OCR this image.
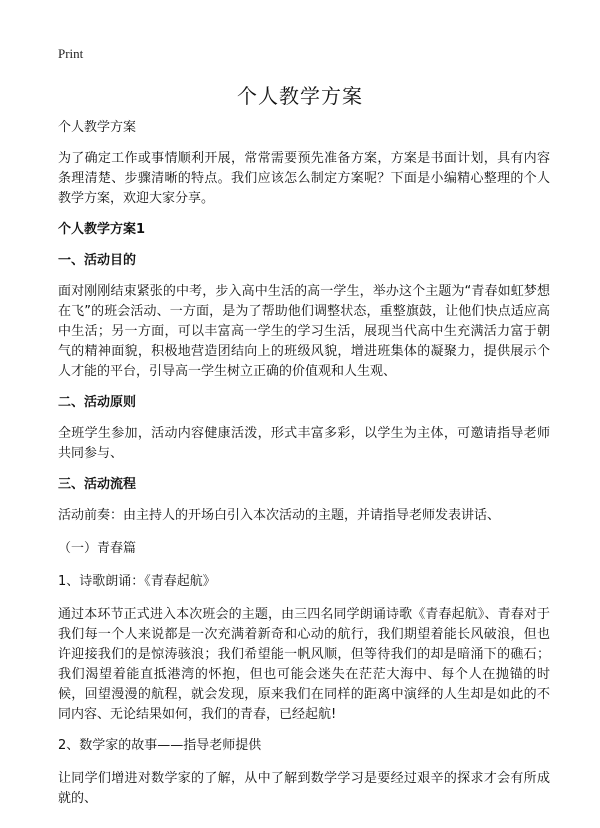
Print
个人教学方案

个人教学方案

为了确定工作或事情顺利开展，常常需要预先准备方案，方案是书面计划，具有内容条理清楚、步骤清晰的特点。我们应该怎么制定方案呢？下面是小编精心整理的个人教学方案，欢迎大家分享。

个人教学方案1

一、活动目的

面对刚刚结束紧张的中考，步入高中生活的高一学生，举办这个主题为“青春如虹梦想在飞”的班会活动、一方面，是为了帮助他们调整状态，重整旗鼓，让他们快点适应高中生活；另一方面，可以丰富高一学生的学习生活，展现当代高中生充满活力富于朝气的精神面貌，积极地营造团结向上的班级风貌，增进班集体的凝聚力，提供展示个人才能的平台，引导高一学生树立正确的价值观和人生观、

二、活动原则

全班学生参加，活动内容健康活泼，形式丰富多彩，以学生为主体，可邀请指导老师共同参与、

三、活动流程

活动前奏：由主持人的开场白引入本次活动的主题，并请指导老师发表讲话、

（一）青春篇

1、诗歌朗诵：《青春起航》

通过本环节正式进入本次班会的主题，由三四名同学朗诵诗歌《青春起航》、青春对于我们每一个人来说都是一次充满着新奇和心动的航行，我们期望着能长风破浪，但也许迎接我们的是惊涛骇浪；我们希望能一帆风顺，但等待我们的却是暗涌下的礁石；我们渴望着能直抵港湾的怀抱，但也可能会迷失在茫茫大海中、每个人在抛锚的时候，回望漫漫的航程，就会发现，原来我们在同样的距离中演绎的人生却是如此的不同内容、无论结果如何，我们的青春，已经起航!

2、数学家的故事——指导老师提供

让同学们增进对数学家的了解，从中了解到数学学习是要经过艰辛的探求才会有所成就的、
